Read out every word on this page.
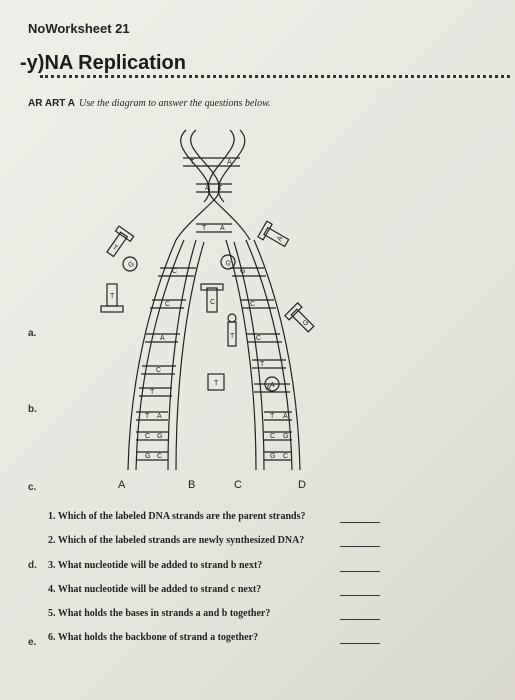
NoWorksheet 21
-y)NA Replication
AR ART A Use the diagram to answer the questions below.
a.
b.
c.
d.
e.
T	A
A T
T A
C
C
A
C
T
G
C
C
T
A
T A
C G
G C
T A
C G
G C
T
G
T
A
G
C
T
G
T	A
A	B	C	D
1. Which of the labeled DNA strands are the parent strands?
2. Which of the labeled strands are newly synthesized DNA?
3. What nucleotide will be added to strand b next?
4. What nucleotide will be added to strand c next?
5. What holds the bases in strands a and b together?
6. What holds the backbone of strand a together?
